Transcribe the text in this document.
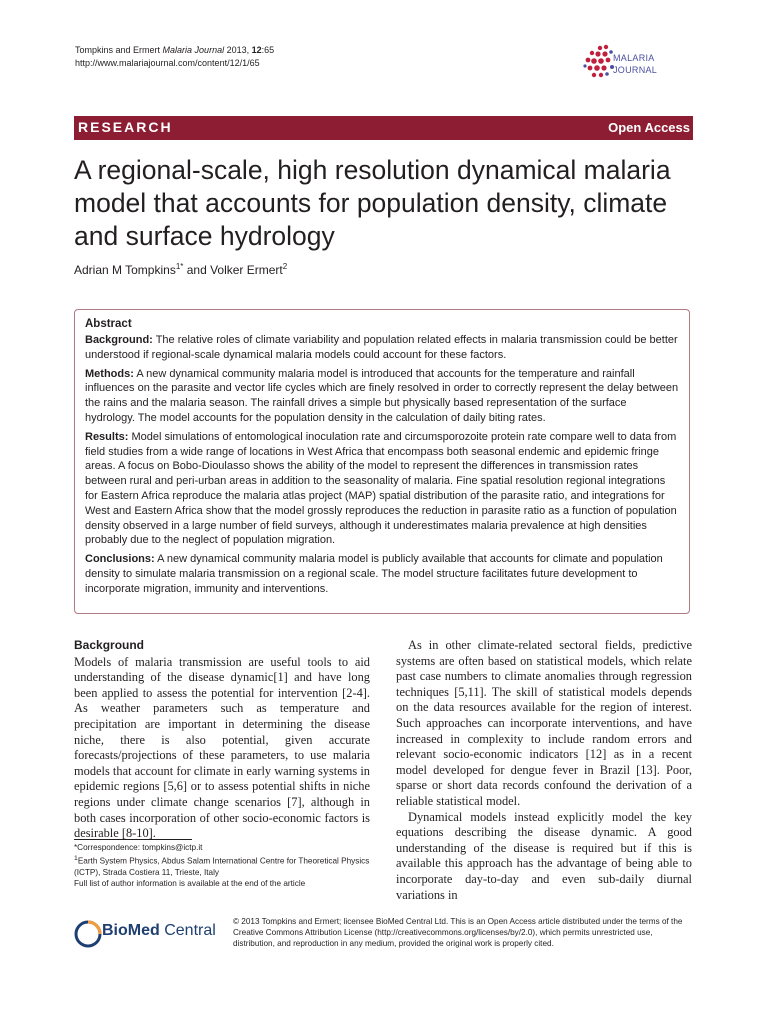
Tompkins and Ermert Malaria Journal 2013, 12:65
http://www.malariajournal.com/content/12/1/65	MALARIA
JOURNAL
RESEARCH	Open Access
A regional-scale, high resolution dynamical malaria model that accounts for population density, climate and surface hydrology
Adrian M Tompkins$^{1*}$ and Volker Ermert$^2$
Abstract

Background: The relative roles of climate variability and population related effects in malaria transmission could be better understood if regional-scale dynamical malaria models could account for these factors.

Methods: A new dynamical community malaria model is introduced that accounts for the temperature and rainfall influences on the parasite and vector life cycles which are finely resolved in order to correctly represent the delay between the rains and the malaria season. The rainfall drives a simple but physically based representation of the surface hydrology. The model accounts for the population density in the calculation of daily biting rates.

Results: Model simulations of entomological inoculation rate and circumsporozoite protein rate compare well to data from field studies from a wide range of locations in West Africa that encompass both seasonal endemic and epidemic fringe areas. A focus on Bobo-Dioulasso shows the ability of the model to represent the differences in transmission rates between rural and peri-urban areas in addition to the seasonality of malaria. Fine spatial resolution regional integrations for Eastern Africa reproduce the malaria atlas project (MAP) spatial distribution of the parasite ratio, and integrations for West and Eastern Africa show that the model grossly reproduces the reduction in parasite ratio as a function of population density observed in a large number of field surveys, although it underestimates malaria prevalence at high densities probably due to the neglect of population migration.

Conclusions: A new dynamical community malaria model is publicly available that accounts for climate and population density to simulate malaria transmission on a regional scale. The model structure facilitates future development to incorporate migration, immunity and interventions.

Background

Models of malaria transmission are useful tools to aid understanding of the disease dynamic[1] and have long been applied to assess the potential for intervention [2-4]. As weather parameters such as temperature and precipitation are important in determining the disease niche, there is also potential, given accurate forecasts/projections of these parameters, to use malaria models that account for climate in early warning systems in epidemic regions [5,6] or to assess potential shifts in niche regions under climate change scenarios [7], although in both cases incorporation of other socio-economic factors is desirable [8-10].

As in other climate-related sectoral fields, predictive systems are often based on statistical models, which relate past case numbers to climate anomalies through regression techniques [5,11]. The skill of statistical models depends on the data resources available for the region of interest. Such approaches can incorporate interventions, and have increased in complexity to include random errors and relevant socio-economic indicators [12] as in a recent model developed for dengue fever in Brazil [13]. Poor, sparse or short data records confound the derivation of a reliable statistical model.

Dynamical models instead explicitly model the key equations describing the disease dynamic. A good understanding of the disease is required but if this is available this approach has the advantage of being able to incorporate day-to-day and even sub-daily diurnal variations in

*Correspondence: tompkins@ictp.it
$^1$Earth System Physics, Abdus Salam International Centre for Theoretical Physics (ICTP), Strada Costiera 11, Trieste, Italy
Full list of author information is available at the end of the article
BioMed Central
© 2013 Tompkins and Ermert; licensee BioMed Central Ltd. This is an Open Access article distributed under the terms of the Creative Commons Attribution License (http://creativecommons.org/licenses/by/2.0), which permits unrestricted use, distribution, and reproduction in any medium, provided the original work is properly cited.
